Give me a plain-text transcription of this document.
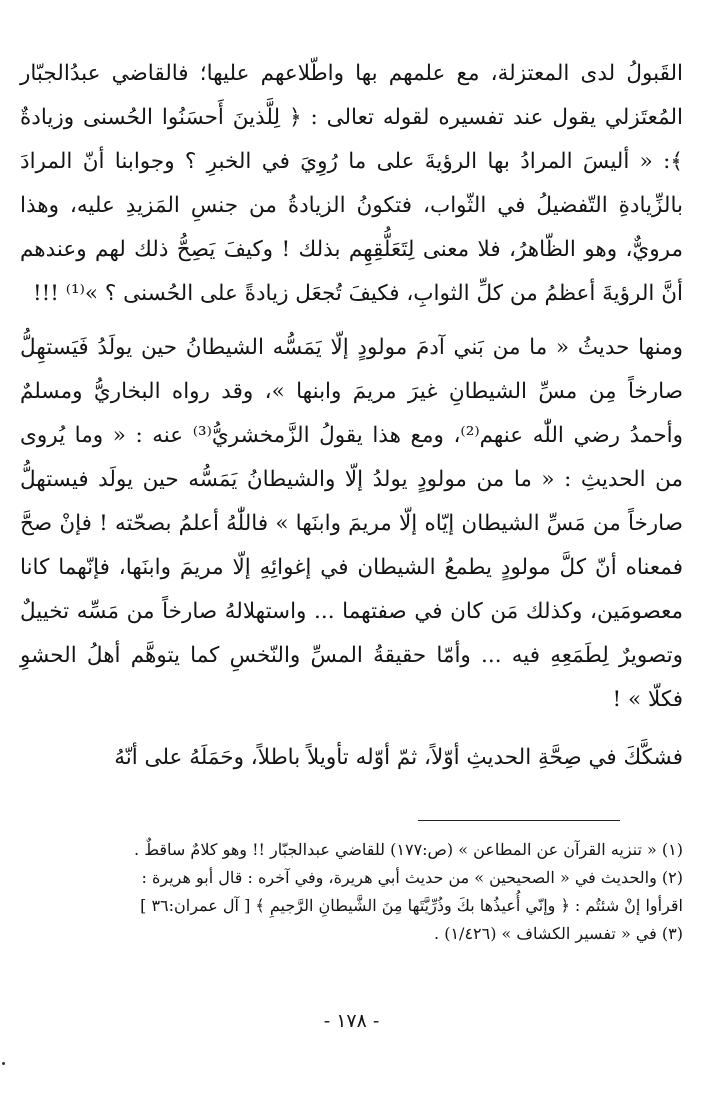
القَبولُ لدى المعتزلة، مع علمهم بها واطّلاعهم عليها؛ فالقاضي عبدُالجبّار المُعتَزلي يقول عند تفسيره لقوله تعالى : ﴿ لِلَّذينَ أَحسَنُوا الحُسنى وزيادةٌ ﴾: « أليسَ المرادُ بها الرؤيةَ على ما رُوِيَ في الخبرِ ؟ وجوابنا أنّ المرادَ بالزِّيادةِ التّفضيلُ في الثّواب، فتكونُ الزيادةُ من جنسِ المَزيدِ عليه، وهذا مرويٌّ، وهو الظّاهرُ، فلا معنى لِتَعَلُّقِهِم بذلك ! وكيفَ يَصِحُّ ذلك لهم وعندهم أنَّ الرؤيةَ أعظمُ من كلِّ الثوابِ، فكيفَ تُجعَل زيادةً على الحُسنى ؟ »⁽¹⁾ !!!

ومنها حديثُ « ما من بَني آدمَ مولودٍ إلّا يَمَسُّه الشيطانُ حين يولَدُ فَيَستهِلُّ صارخاً مِن مسِّ الشيطانِ غيرَ مريمَ وابنها »، وقد رواه البخاريُّ ومسلمٌ وأحمدُ رضي اللّٰه عنهم⁽²⁾، ومع هذا يقولُ الزَّمخشريُّ⁽³⁾ عنه : « وما يُروى من الحديثِ : « ما من مولودٍ يولدُ إلّا والشيطانُ يَمَسُّه حين يولَد فيستهلُّ صارخاً من مَسِّ الشيطان إيّاه إلّا مريمَ وابنَها » فاللّٰهُ أعلمُ بصحّته ! فإنْ صحَّ فمعناه أنّ كلَّ مولودٍ يطمعُ الشيطان في إغوائِهِ إلّا مريمَ وابنَها، فإنّهما كانا معصومَين، وكذلك مَن كان في صفتهما ... واستهلالهُ صارخاً من مَسِّه تخييلٌ وتصويرٌ لِطَمَعِهِ فيه ... وأمّا حقيقةُ المسِّ والنّخسِ كما يتوهَّم أهلُ الحشوِ فكلّا » !

فشكَّكَ في صِحَّةِ الحديثِ أوّلاً، ثمّ أوّله تأويلاً باطلاً، وحَمَلَهُ على أنّهُ

(١) « تنزيه القرآن عن المطاعن » (ص:١٧٧) للقاضي عبدالجبّار !! وهو كلامٌ ساقطٌ .

(٢) والحديث في « الصحيحين » من حديث أبي هريرة، وفي آخره : قال أبو هريرة :

اقرأوا إنْ شئتُم : ﴿ وإنّي أُعيذُها بكَ وذُرِّيَّتَها مِنَ الشَّيطانِ الرَّجيمِ ﴾ [ آل عمران:٣٦ ]

(٣) في « تفسير الكشاف » (١/٤٢٦) .

- ١٧٨ -
